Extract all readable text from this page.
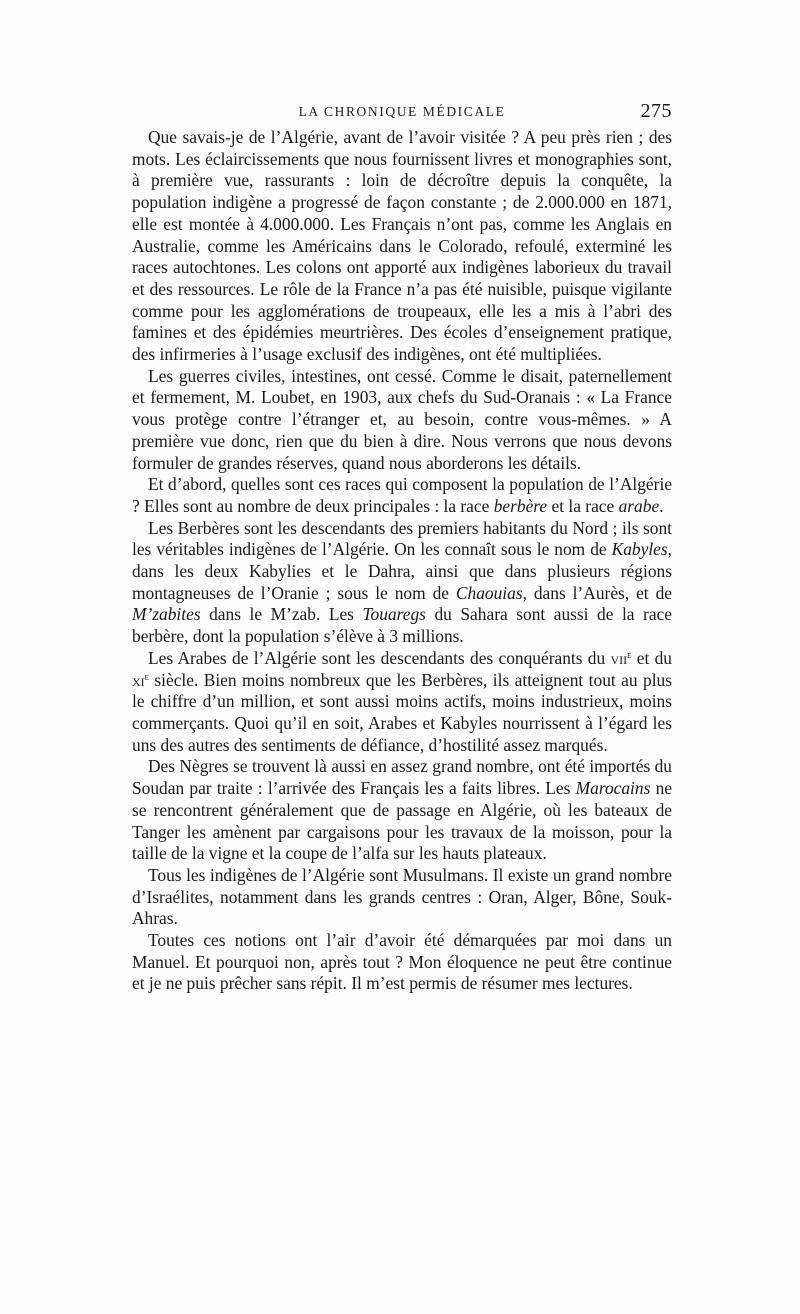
LA CHRONIQUE MÉDICALE	275

Que savais-je de l’Algérie, avant de l’avoir visitée ? A peu près rien ; des mots. Les éclaircissements que nous fournissent livres et monographies sont, à première vue, rassurants : loin de décroître depuis la conquête, la population indigène a progressé de façon constante ; de 2.000.000 en 1871, elle est montée à 4.000.000. Les Français n’ont pas, comme les Anglais en Australie, comme les Américains dans le Colorado, refoulé, exterminé les races autochtones. Les colons ont apporté aux indigènes laborieux du travail et des ressources. Le rôle de la France n’a pas été nuisible, puisque vigilante comme pour les agglomérations de troupeaux, elle les a mis à l’abri des famines et des épidémies meurtrières. Des écoles d’enseignement pratique, des infirmeries à l’usage exclusif des indigènes, ont été multipliées.

Les guerres civiles, intestines, ont cessé. Comme le disait, paternellement et fermement, M. Loubet, en 1903, aux chefs du Sud-Oranais : « La France vous protège contre l’étranger et, au besoin, contre vous-mêmes. » A première vue donc, rien que du bien à dire. Nous verrons que nous devons formuler de grandes réserves, quand nous aborderons les détails.

Et d’abord, quelles sont ces races qui composent la population de l’Algérie ? Elles sont au nombre de deux principales : la race berbère et la race arabe.

Les Berbères sont les descendants des premiers habitants du Nord ; ils sont les véritables indigènes de l’Algérie. On les connaît sous le nom de Kabyles, dans les deux Kabylies et le Dahra, ainsi que dans plusieurs régions montagneuses de l’Oranie ; sous le nom de Chaouias, dans l’Aurès, et de M’zabites dans le M’zab. Les Touaregs du Sahara sont aussi de la race berbère, dont la population s’élève à 3 millions.

Les Arabes de l’Algérie sont les descendants des conquérants du vii$^e$ et du $xi^e$ siècle. Bien moins nombreux que les Berbères, ils atteignent tout au plus le chiffre d’un million, et sont aussi moins actifs, moins industrieux, moins commerçants. Quoi qu’il en soit, Arabes et Kabyles nourrissent à l’égard les uns des autres des sentiments de défiance, d’hostilité assez marqués.

Des Nègres se trouvent là aussi en assez grand nombre, ont été importés du Soudan par traite : l’arrivée des Français les a faits libres. Les Marocains ne se rencontrent généralement que de passage en Algérie, où les bateaux de Tanger les amènent par cargaisons pour les travaux de la moisson, pour la taille de la vigne et la coupe de l’alfa sur les hauts plateaux.

Tous les indigènes de l’Algérie sont Musulmans. Il existe un grand nombre d’Israélites, notamment dans les grands centres : Oran, Alger, Bône, Souk-Ahras.

Toutes ces notions ont l’air d’avoir été démarquées par moi dans un Manuel. Et pourquoi non, après tout ? Mon éloquence ne peut être continue et je ne puis prêcher sans répit. Il m’est permis de résumer mes lectures.
